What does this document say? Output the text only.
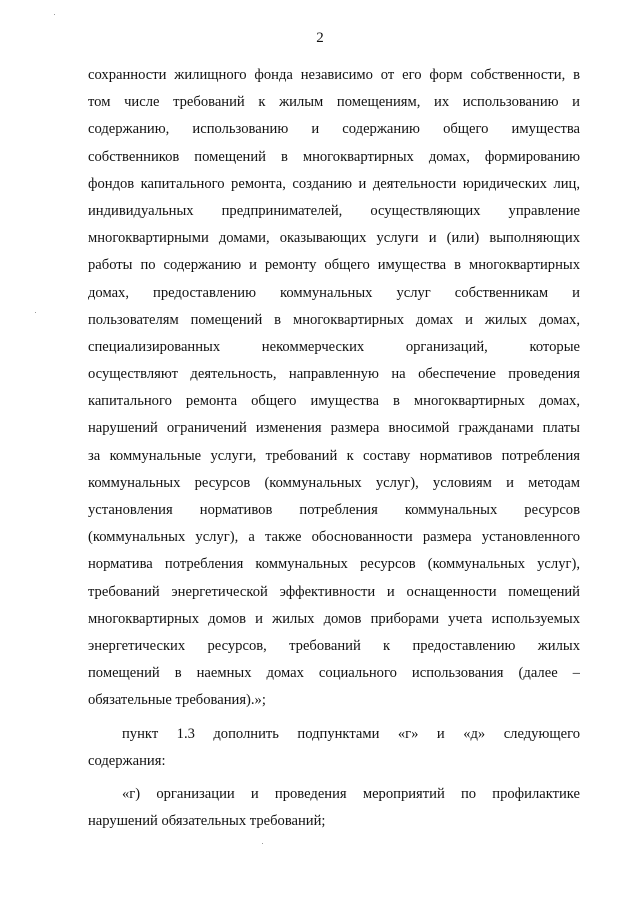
2
сохранности жилищного фонда независимо от его форм собственности, в
том числе требований к жилым помещениям, их использованию и
содержанию, использованию и содержанию общего имущества
собственников помещений в многоквартирных домах, формированию
фондов капитального ремонта, созданию и деятельности юридических лиц,
индивидуальных предпринимателей, осуществляющих управление
многоквартирными домами, оказывающих услуги и (или) выполняющих
работы по содержанию и ремонту общего имущества в многоквартирных
домах, предоставлению коммунальных услуг собственникам и
пользователям помещений в многоквартирных домах и жилых домах,
специализированных некоммерческих организаций, которые
осуществляют деятельность, направленную на обеспечение проведения
капитального ремонта общего имущества в многоквартирных домах,
нарушений ограничений изменения размера вносимой гражданами платы
за коммунальные услуги, требований к составу нормативов потребления
коммунальных ресурсов (коммунальных услуг), условиям и методам
установления нормативов потребления коммунальных ресурсов
(коммунальных услуг), а также обоснованности размера установленного
норматива потребления коммунальных ресурсов (коммунальных услуг),
требований энергетической эффективности и оснащенности помещений
многоквартирных домов и жилых домов приборами учета используемых
энергетических ресурсов, требований к предоставлению жилых
помещений в наемных домах социального использования (далее –
обязательные требования).»;
пункт 1.3 дополнить подпунктами «г» и «д» следующего
содержания:
«г) организации и проведения мероприятий по профилактике
нарушений обязательных требований;
